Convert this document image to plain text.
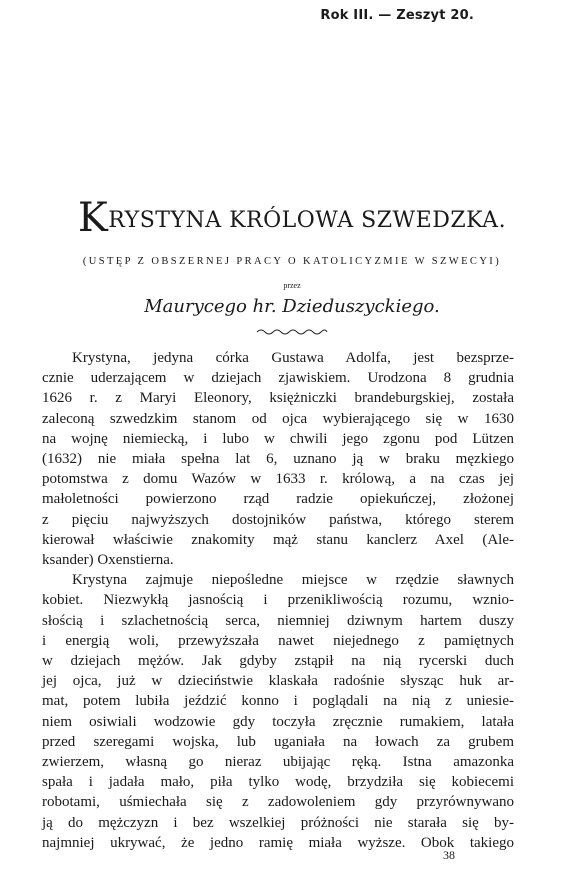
Rok III. — Zeszyt 20.
KRYSTYNA KRÓLOWA SZWEDZKA.
(USTĘP Z OBSZERNEJ PRACY O KATOLICYZMIE W SZWECYI)
przez
Maurycego hr. Dzieduszyckiego.
Krystyna, jedyna córka Gustawa Adolfa, jest bezsprze-
cznie uderzającem w dziejach zjawiskiem. Urodzona 8 grudnia
1626 r. z Maryi Eleonory, księżniczki brandeburgskiej, została
zaleconą szwedzkim stanom od ojca wybierającego się w 1630
na wojnę niemiecką, i lubo w chwili jego zgonu pod Lützen
(1632) nie miała spełna lat 6, uznano ją w braku męzkiego
potomstwa z domu Wazów w 1633 r. królową, a na czas jej
małoletności powierzono rząd radzie opiekuńczej, złożonej
z pięciu najwyższych dostojników państwa, którego sterem
kierował właściwie znakomity mąż stanu kanclerz Axel (Ale-
ksander) Oxenstierna.
Krystyna zajmuje niepośledne miejsce w rzędzie sławnych
kobiet. Niezwykłą jasnością i przenikliwością rozumu, wznio-
słością i szlachetnością serca, niemniej dziwnym hartem duszy
i energią woli, przewyższała nawet niejednego z pamiętnych
w dziejach mężów. Jak gdyby zstąpił na nią rycerski duch
jej ojca, już w dzieciństwie klaskała radośnie słysząc huk ar-
mat, potem lubiła jeździć konno i poglądali na nią z uniesie-
niem osiwiali wodzowie gdy toczyła zręcznie rumakiem, latała
przed szeregami wojska, lub uganiała na łowach za grubem
zwierzem, własną go nieraz ubijając ręką. Istna amazonka
spała i jadała mało, piła tylko wodę, brzydziła się kobiecemi
robotami, uśmiechała się z zadowoleniem gdy przyrównywano
ją do mężczyzn i bez wszelkiej próżności nie starała się by-
najmniej ukrywać, że jedno ramię miała wyższe. Obok takiego
38
